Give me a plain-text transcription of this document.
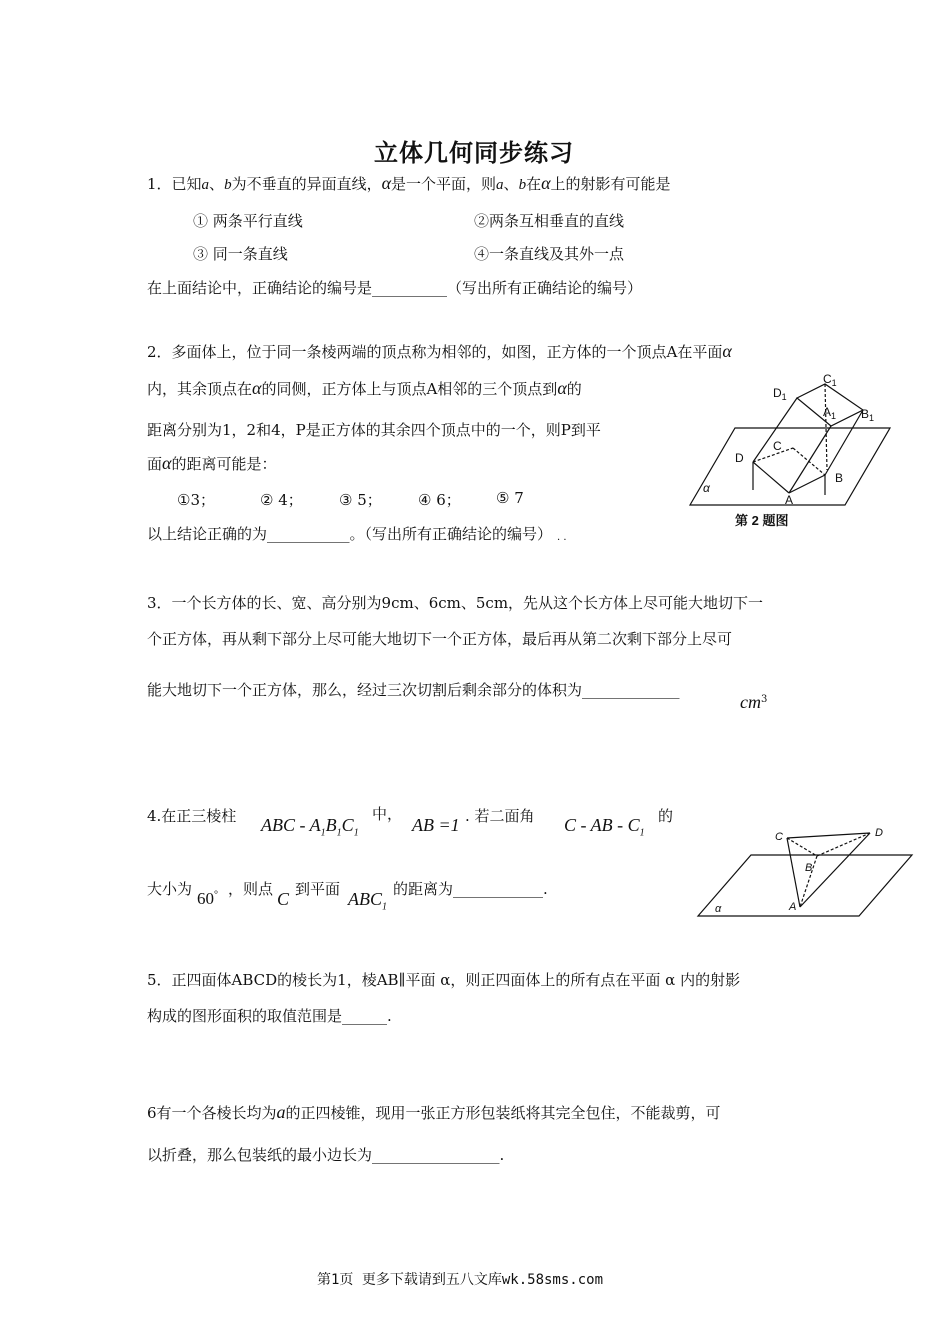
立体几何同步练习
1．已知a、b为不垂直的异面直线，α是一个平面，则a、b在α上的射影有可能是
① 两条平行直线	②两条互相垂直的直线
③ 同一条直线	④一条直线及其外一点
在上面结论中，正确结论的编号是__________（写出所有正确结论的编号）
2．多面体上，位于同一条棱两端的顶点称为相邻的，如图，正方体的一个顶点A在平面α
内，其余顶点在α的同侧，正方体上与顶点A相邻的三个顶点到α的
距离分别为1，2和4，P是正方体的其余四个顶点中的一个，则P到平
面α的距离可能是：
①3；	② 4； ③ 5； ④ 6； ⑤ 7
以上结论正确的为___________。（写出所有正确结论的编号） · ·
$D_1$
$C_1$
$A_1$ $B_1$
C
D
B
A
α
第 2 题图
3．一个长方体的长、宽、高分别为9cm、6cm、5cm，先从这个长方体上尽可能大地切下一
个正方体，再从剩下部分上尽可能大地切下一个正方体，最后再从第二次剩下部分上尽可
能大地切下一个正方体，那么，经过三次切割后剩余部分的体积为_____________
$cm^3$
4.在正三棱柱 ABC - $A_1B_1C_1$
中，
AB =1 . 若二面角 C - AB - $C_1$
的
大小为 60° ，则点 C 到平面 $ABC_1$
的距离为____________.
C	D
B
A
α
5．正四面体ABCD的棱长为1，棱AB∥平面 α，则正四面体上的所有点在平面 α 内的射影
构成的图形面积的取值范围是______.
6有一个各棱长均为a的正四棱锥，现用一张正方形包装纸将其完全包住，不能裁剪，可
以折叠，那么包装纸的最小边长为_________________.
第1页 更多下载请到五八文库wk.58sms.com
